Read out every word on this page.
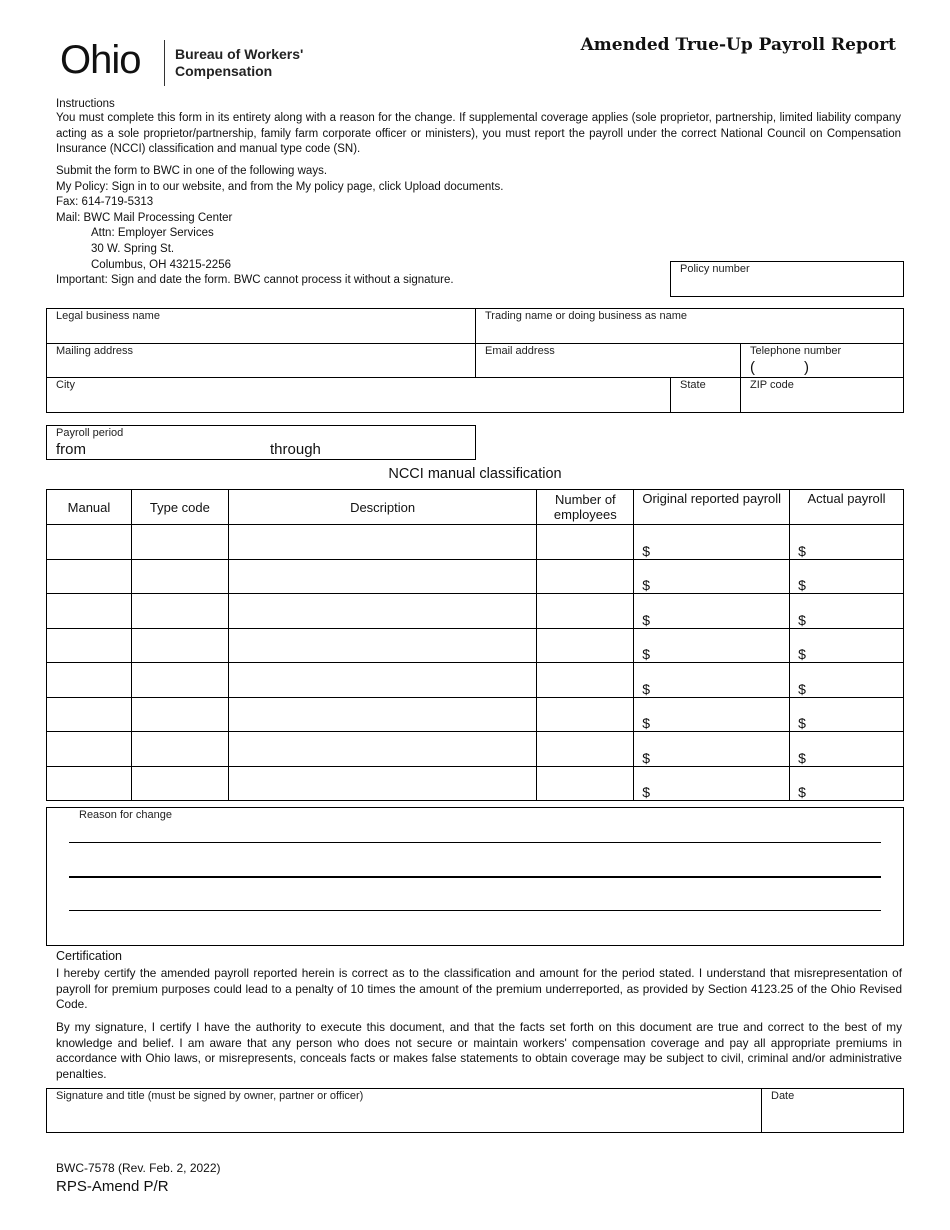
Ohio Bureau of Workers'
Compensation
Amended True-Up Payroll Report
Instructions
You must complete this form in its entirety along with a reason for the change. If supplemental coverage applies (sole proprietor, partnership, limited liability company acting as a sole proprietor/partnership, family farm corporate officer or ministers), you must report the payroll under the correct National Council on Compensation Insurance (NCCI) classification and manual type code (SN).
Submit the form to BWC in one of the following ways.
My Policy: Sign in to our website, and from the My policy page, click Upload documents.
Fax: 614-719-5313
Mail: BWC Mail Processing Center
Attn: Employer Services
30 W. Spring St.
Columbus, OH 43215-2256
Important: Sign and date the form. BWC cannot process it without a signature.
Policy number
Legal business name	Trading name or doing business as name
Mailing address	Email address	Telephone number
(	)
City	State	ZIP code
Payroll period
from	through
NCCI manual classification
Manual	Type code	Description	Number of employees	Original reported payroll	Actual payroll
				$	$
				$	$
				$	$
				$	$
				$	$
				$	$
				$	$
				$	$
Reason for change
Certification
I hereby certify the amended payroll reported herein is correct as to the classification and amount for the period stated. I understand that misrepresentation of payroll for premium purposes could lead to a penalty of 10 times the amount of the premium underreported, as provided by Section 4123.25 of the Ohio Revised Code.
By my signature, I certify I have the authority to execute this document, and that the facts set forth on this document are true and correct to the best of my knowledge and belief. I am aware that any person who does not secure or maintain workers' compensation coverage and pay all appropriate premiums in accordance with Ohio laws, or misrepresents, conceals facts or makes false statements to obtain coverage may be subject to civil, criminal and/or administrative penalties.
Signature and title (must be signed by owner, partner or officer)	Date
BWC-7578 (Rev. Feb. 2, 2022)
RPS-Amend P/R
